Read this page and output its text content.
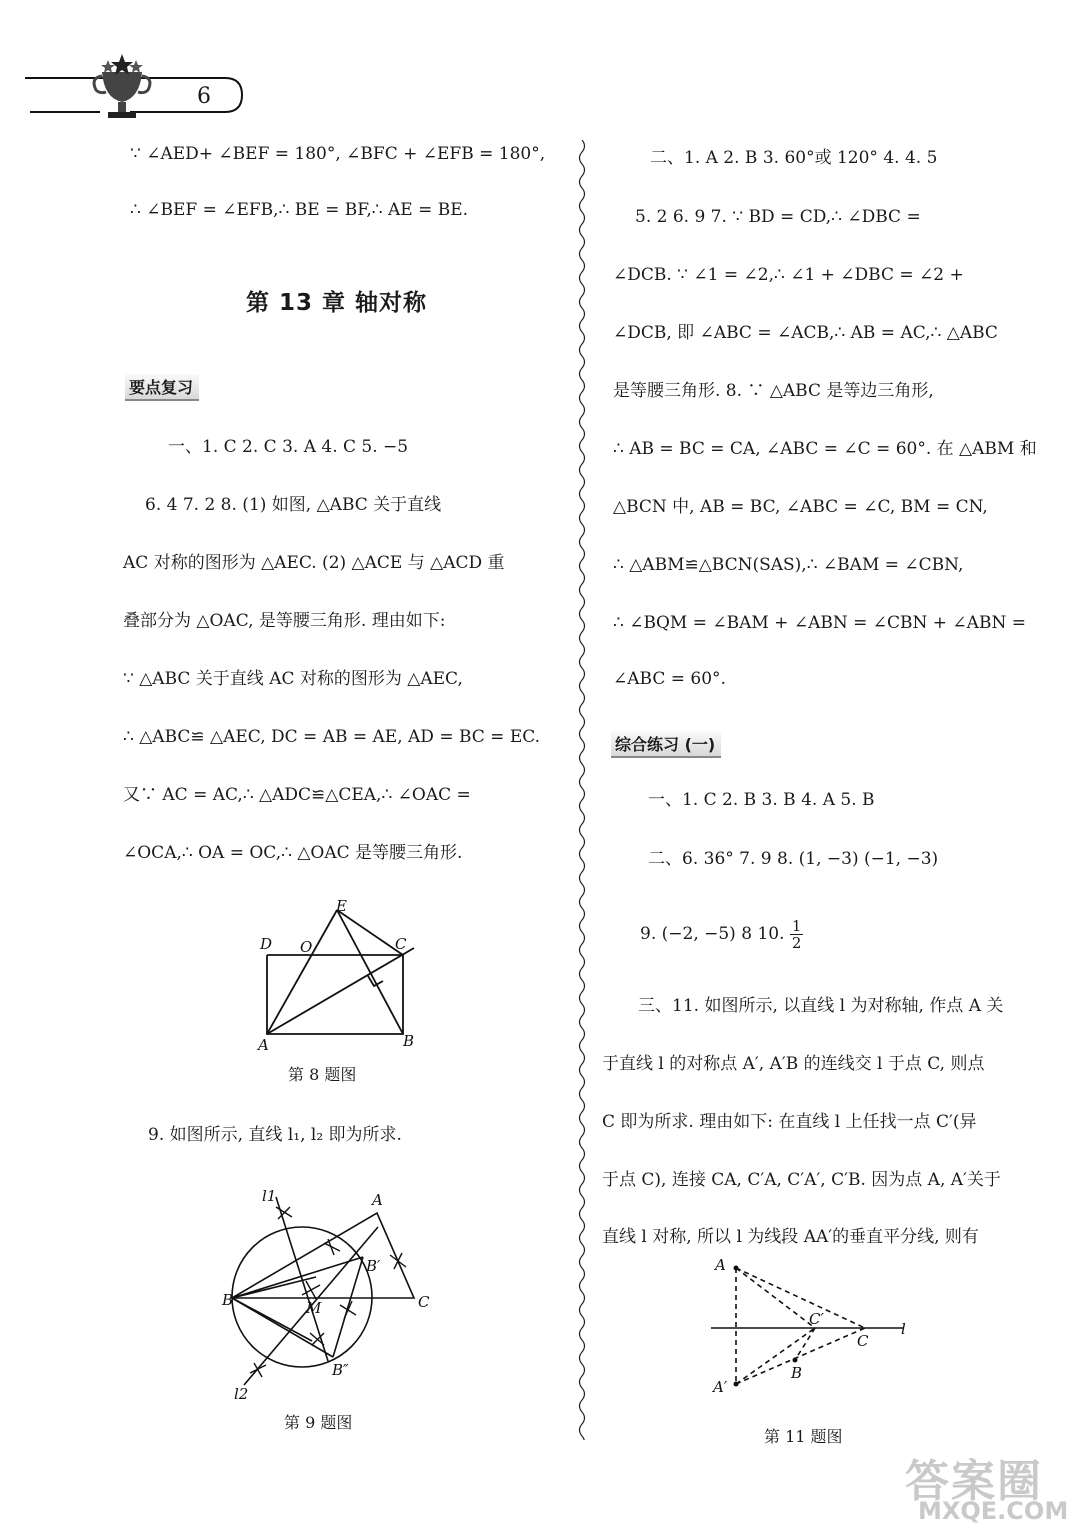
6
∵ ∠AED+ ∠BEF = 180°, ∠BFC + ∠EFB = 180°,
∴ ∠BEF = ∠EFB,∴ BE = BF,∴ AE = BE.
第 13 章 轴对称
要点复习
一、1. C 2. C 3. A 4. C 5. −5
6. 4 7. 2 8. (1) 如图, △ABC 关于直线
AC 对称的图形为 △AEC. (2) △ACE 与 △ACD 重
叠部分为 △OAC, 是等腰三角形. 理由如下:
∵ △ABC 关于直线 AC 对称的图形为 △AEC,
∴ △ABC≌ △AEC, DC = AB = AE, AD = BC = EC.
又∵ AC = AC,∴ △ADC≌△CEA,∴ ∠OAC =
∠OCA,∴ OA = OC,∴ △OAC 是等腰三角形.
E
D O	C
A	B
第 8 题图
9. 如图所示, 直线 l₁, l₂ 即为所求.
l1	A
B′
B	M	C
l2
B″
第 9 题图
二、1. A 2. B 3. 60°或 120° 4. 4. 5
5. 2 6. 9 7. ∵ BD = CD,∴ ∠DBC =
∠DCB. ∵ ∠1 = ∠2,∴ ∠1 + ∠DBC = ∠2 +
∠DCB, 即 ∠ABC = ∠ACB,∴ AB = AC,∴ △ABC
是等腰三角形. 8. ∵ △ABC 是等边三角形,
∴ AB = BC = CA, ∠ABC = ∠C = 60°. 在 △ABM 和
△BCN 中, AB = BC, ∠ABC = ∠C, BM = CN,
∴ △ABM≌△BCN(SAS),∴ ∠BAM = ∠CBN,
∴ ∠BQM = ∠BAM + ∠ABN = ∠CBN + ∠ABN =
∠ABC = 60°.
综合练习 (一)
一、1. C 2. B 3. B 4. A 5. B
二、6. 36° 7. 9 8. (1, −3) (−1, −3)
9. (−2, −5) 8 10. $\frac{1}{2}$
三、11. 如图所示, 以直线 l 为对称轴, 作点 A 关
于直线 l 的对称点 A′, A′B 的连线交 l 于点 C, 则点
C 即为所求. 理由如下: 在直线 l 上任找一点 C′(异
于点 C), 连接 CA, C′A, C′A′, C′B. 因为点 A, A′关于
直线 l 对称, 所以 l 为线段 AA′的垂直平分线, 则有
A
C′
C
l
B
A′
第 11 题图
答案圈
MXQE.COM
